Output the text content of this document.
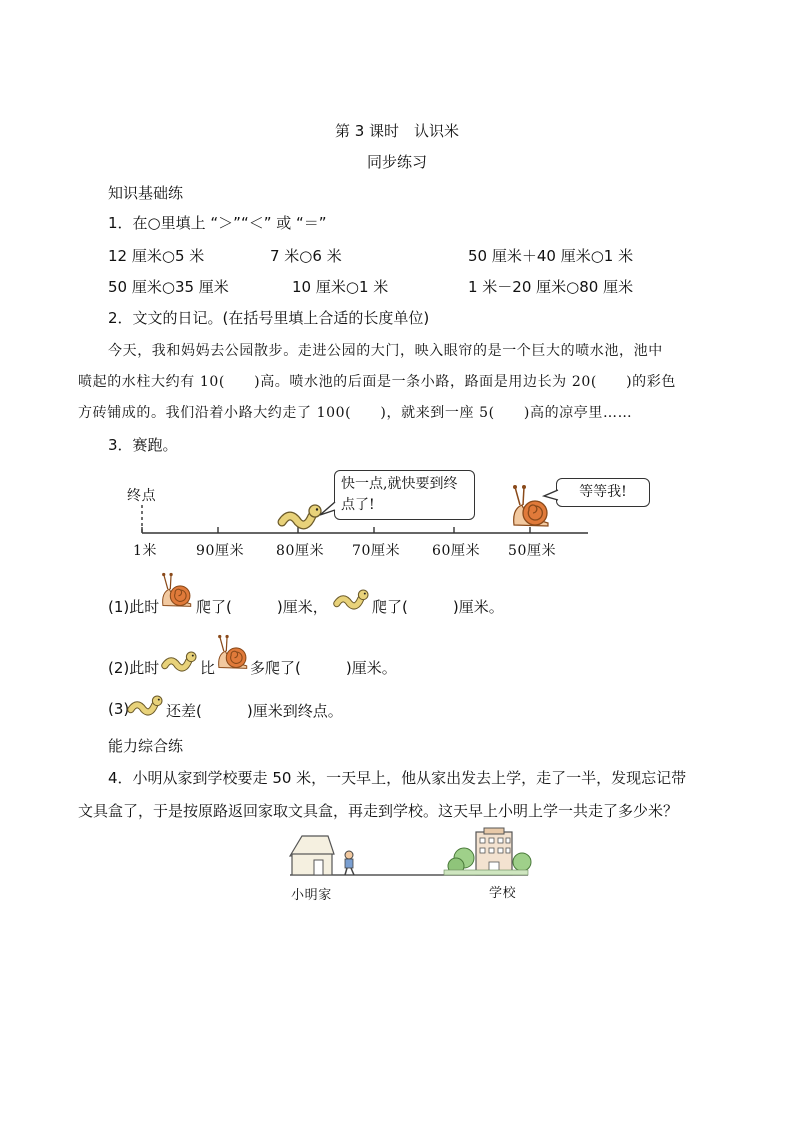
第 3 课时　认识米
同步练习
知识基础练
1．在○里填上 “＞”“＜” 或 “＝”
12 厘米○5 米	7 米○6 米	50 厘米＋40 厘米○1 米
50 厘米○35 厘米	10 厘米○1 米	1 米－20 厘米○80 厘米
2．文文的日记。(在括号里填上合适的长度单位)
今天，我和妈妈去公园散步。走进公园的大门，映入眼帘的是一个巨大的喷水池，池中
喷起的水柱大约有 10(　　)高。喷水池的后面是一条小路，路面是用边长为 20(　　)的彩色
方砖铺成的。我们沿着小路大约走了 100(　　)，就来到一座 5(　　)高的凉亭里……
3．赛跑。
终点
1米	90厘米 80厘米 70厘米 60厘米 50厘米
快一点,就快要到终点了!
等等我!
(1)此时 爬了(　　　)厘米，	爬了(　　　)厘米。
(2)此时	比 多爬了(　　　)厘米。
(3) 还差(　　　)厘米到终点。
能力综合练
4．小明从家到学校要走 50 米，一天早上，他从家出发去上学，走了一半，发现忘记带
文具盒了，于是按原路返回家取文具盒，再走到学校。这天早上小明上学一共走了多少米？
小明家	学校
